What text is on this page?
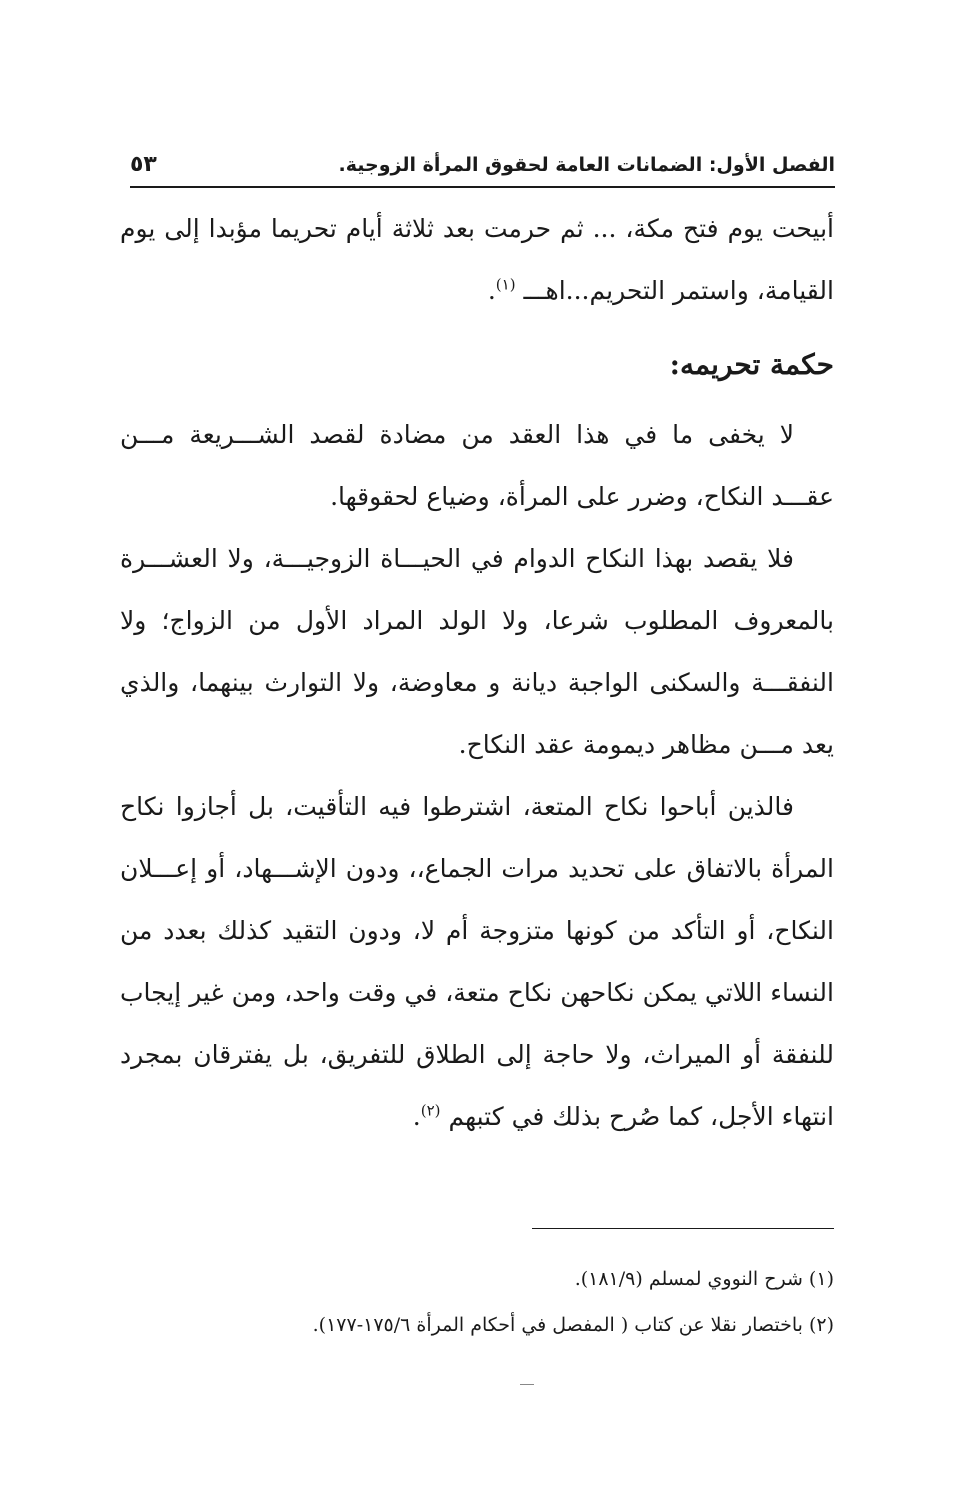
الفصل الأول: الضمانات العامة لحقوق المرأة الزوجية.
٥٣

أبيحت يوم فتح مكة، ... ثم حرمت بعد ثلاثة أيام تحريما مؤبدا إلى يوم القيامة، واستمر التحريم...اهـــ $^{(١)}$.

حكمة تحريمه:

لا يخفى ما في هذا العقد من مضادة لقصد الشـــريعة مـــن عقـــد النكاح، وضرر على المرأة، وضياع لحقوقها.

فلا يقصد بهذا النكاح الدوام في الحيـــاة الزوجيـــة، ولا العشـــرة بالمعروف المطلوب شرعا، ولا الولد المراد الأول من الزواج؛ ولا النفقـــة والسكنى الواجبة ديانة و معاوضة، ولا التوارث بينهما، والذي يعد مـــن مظاهر ديمومة عقد النكاح.

فالذين أباحوا نكاح المتعة، اشترطوا فيه التأقيت، بل أجازوا نكاح المرأة بالاتفاق على تحديد مرات الجماع،، ودون الإشـــهاد، أو إعـــلان النكاح، أو التأكد من كونها متزوجة أم لا، ودون التقيد كذلك بعدد من النساء اللاتي يمكن نكاحهن نكاح متعة، في وقت واحد، ومن غير إيجاب للنفقة أو الميراث، ولا حاجة إلى الطلاق للتفريق، بل يفترقان بمجرد انتهاء الأجل، كما صُرح بذلك في كتبهم $^{(٢)}$.

(١) شرح النووي لمسلم (١٨١/٩).

(٢) باختصار نقلا عن كتاب ( المفصل في أحكام المرأة ١٧٥/٦-١٧٧).
